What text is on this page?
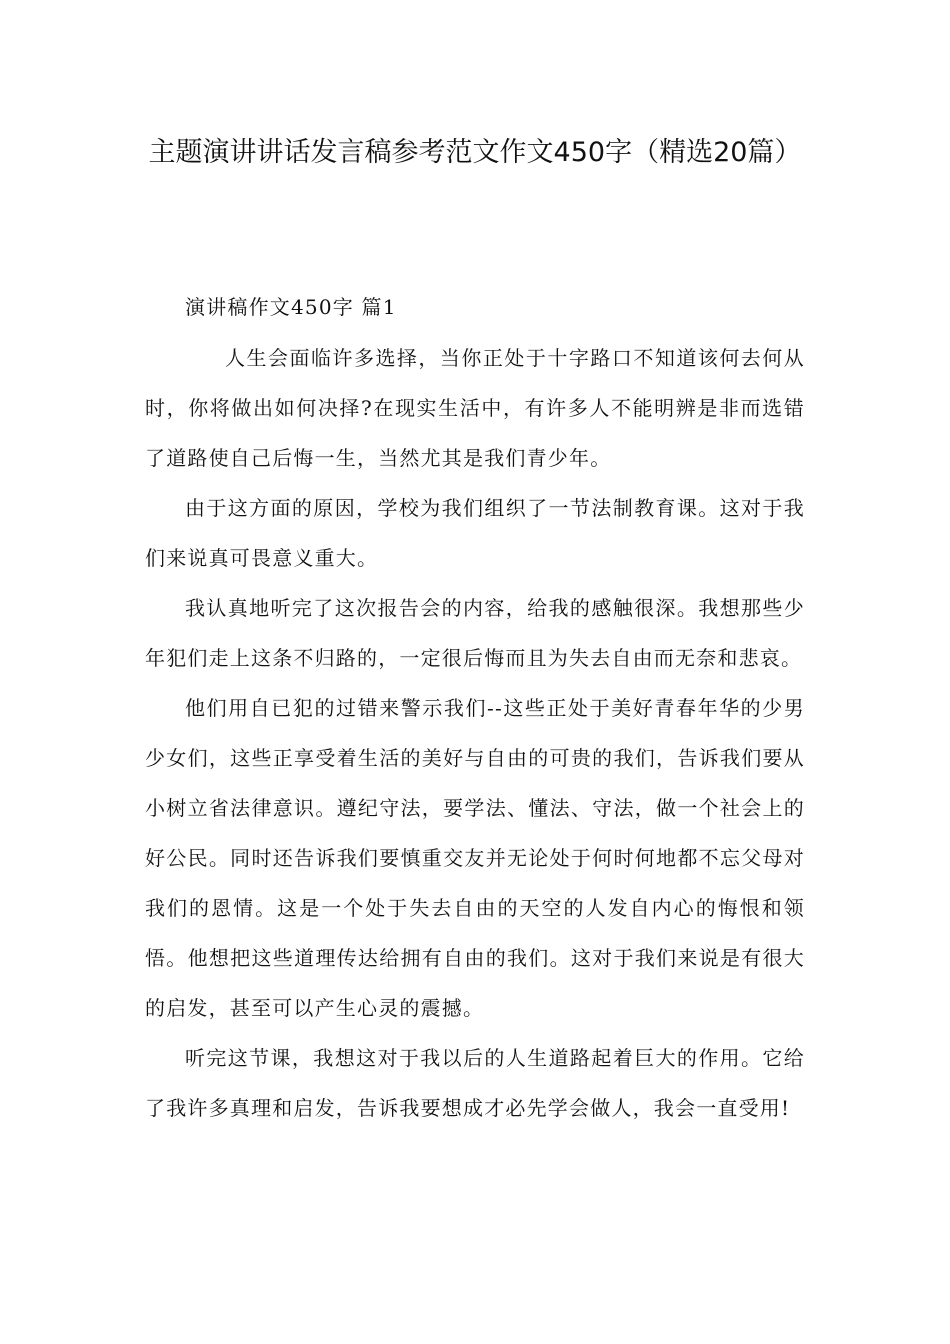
主题演讲讲话发言稿参考范文作文450字（精选20篇）

演讲稿作文450字 篇1

人生会面临许多选择，当你正处于十字路口不知道该何去何从时，你将做出如何决择?在现实生活中，有许多人不能明辨是非而选错了道路使自己后悔一生，当然尤其是我们青少年。

由于这方面的原因，学校为我们组织了一节法制教育课。这对于我们来说真可畏意义重大。

我认真地听完了这次报告会的内容，给我的感触很深。我想那些少年犯们走上这条不归路的，一定很后悔而且为失去自由而无奈和悲哀。

他们用自已犯的过错来警示我们--这些正处于美好青春年华的少男少女们，这些正享受着生活的美好与自由的可贵的我们，告诉我们要从小树立省法律意识。遵纪守法，要学法、懂法、守法，做一个社会上的好公民。同时还告诉我们要慎重交友并无论处于何时何地都不忘父母对我们的恩情。这是一个处于失去自由的天空的人发自内心的悔恨和领悟。他想把这些道理传达给拥有自由的我们。这对于我们来说是有很大的启发，甚至可以产生心灵的震撼。

听完这节课，我想这对于我以后的人生道路起着巨大的作用。它给了我许多真理和启发，告诉我要想成才必先学会做人，我会一直受用!
